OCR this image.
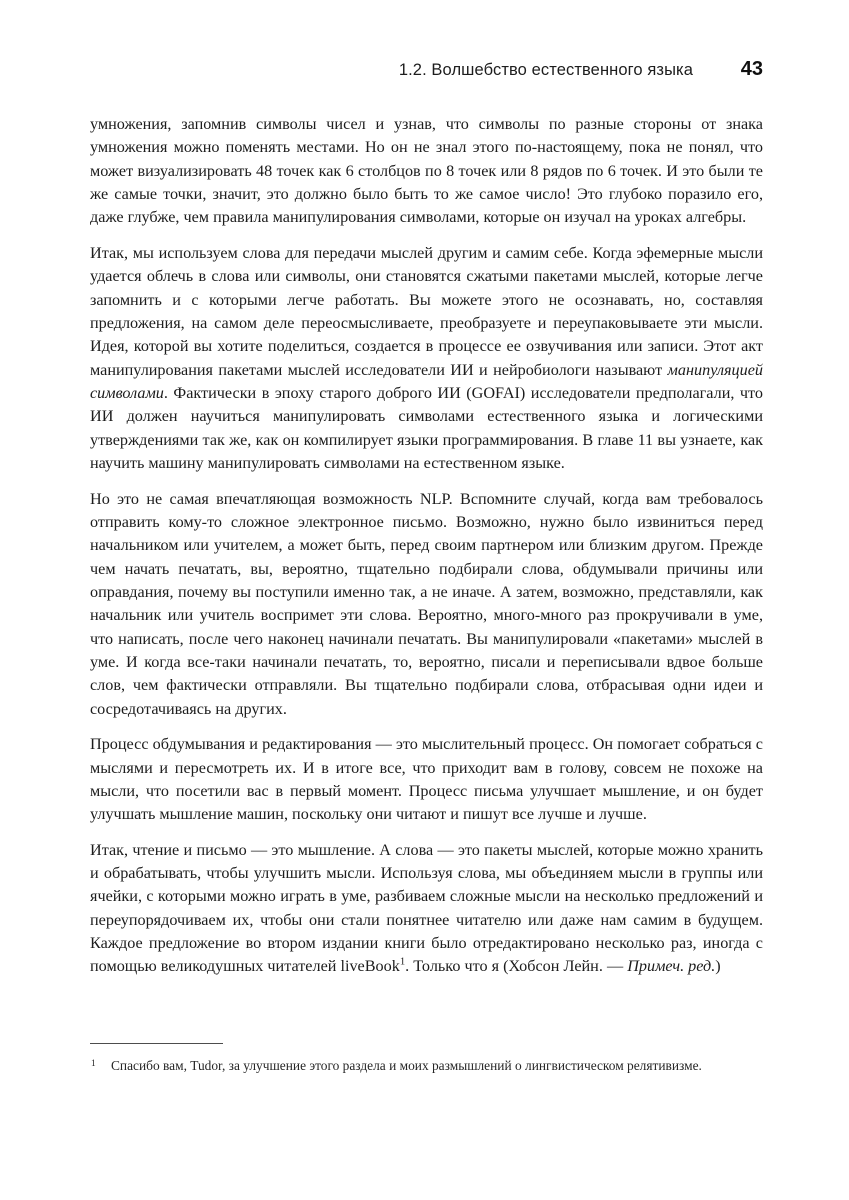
1.2. Волшебство естественного языка 43

умножения, запомнив символы чисел и узнав, что символы по разные стороны от знака умножения можно поменять местами. Но он не знал этого по-настоящему, пока не понял, что может визуализировать 48 точек как 6 столбцов по 8 точек или 8 рядов по 6 точек. И это были те же самые точки, значит, это должно было быть то же самое число! Это глубоко поразило его, даже глубже, чем правила манипулирования символами, которые он изучал на уроках алгебры.

Итак, мы используем слова для передачи мыслей другим и самим себе. Когда эфемерные мысли удается облечь в слова или символы, они становятся сжатыми пакетами мыслей, которые легче запомнить и с которыми легче работать. Вы можете этого не осознавать, но, составляя предложения, на самом деле переосмысливаете, преобразуете и переупаковываете эти мысли. Идея, которой вы хотите поделиться, создается в процессе ее озвучивания или записи. Этот акт манипулирования пакетами мыслей исследователи ИИ и нейробиологи называют манипуляцией символами. Фактически в эпоху старого доброго ИИ (GOFAI) исследователи предполагали, что ИИ должен научиться манипулировать символами естественного языка и логическими утверждениями так же, как он компилирует языки программирования. В главе 11 вы узнаете, как научить машину манипулировать символами на естественном языке.

Но это не самая впечатляющая возможность NLP. Вспомните случай, когда вам требовалось отправить кому-то сложное электронное письмо. Возможно, нужно было извиниться перед начальником или учителем, а может быть, перед своим партнером или близким другом. Прежде чем начать печатать, вы, вероятно, тщательно подбирали слова, обдумывали причины или оправдания, почему вы поступили именно так, а не иначе. А затем, возможно, представляли, как начальник или учитель воспримет эти слова. Вероятно, много-много раз прокручивали в уме, что написать, после чего наконец начинали печатать. Вы манипулировали «пакетами» мыслей в уме. И когда все-таки начинали печатать, то, вероятно, писали и переписывали вдвое больше слов, чем фактически отправляли. Вы тщательно подбирали слова, отбрасывая одни идеи и сосредотачиваясь на других.

Процесс обдумывания и редактирования — это мыслительный процесс. Он помогает собраться с мыслями и пересмотреть их. И в итоге все, что приходит вам в голову, совсем не похоже на мысли, что посетили вас в первый момент. Процесс письма улучшает мышление, и он будет улучшать мышление машин, поскольку они читают и пишут все лучше и лучше.

Итак, чтение и письмо — это мышление. А слова — это пакеты мыслей, которые можно хранить и обрабатывать, чтобы улучшить мысли. Используя слова, мы объединяем мысли в группы или ячейки, с которыми можно играть в уме, разбиваем сложные мысли на несколько предложений и переупорядочиваем их, чтобы они стали понятнее читателю или даже нам самим в будущем. Каждое предложение во втором издании книги было отредактировано несколько раз, иногда с помощью великодушных читателей liveBook$^1$. Только что я (Хобсон Лейн. — Примеч. ред.)

1 Спасибо вам, Tudor, за улучшение этого раздела и моих размышлений о лингвистическом релятивизме.
